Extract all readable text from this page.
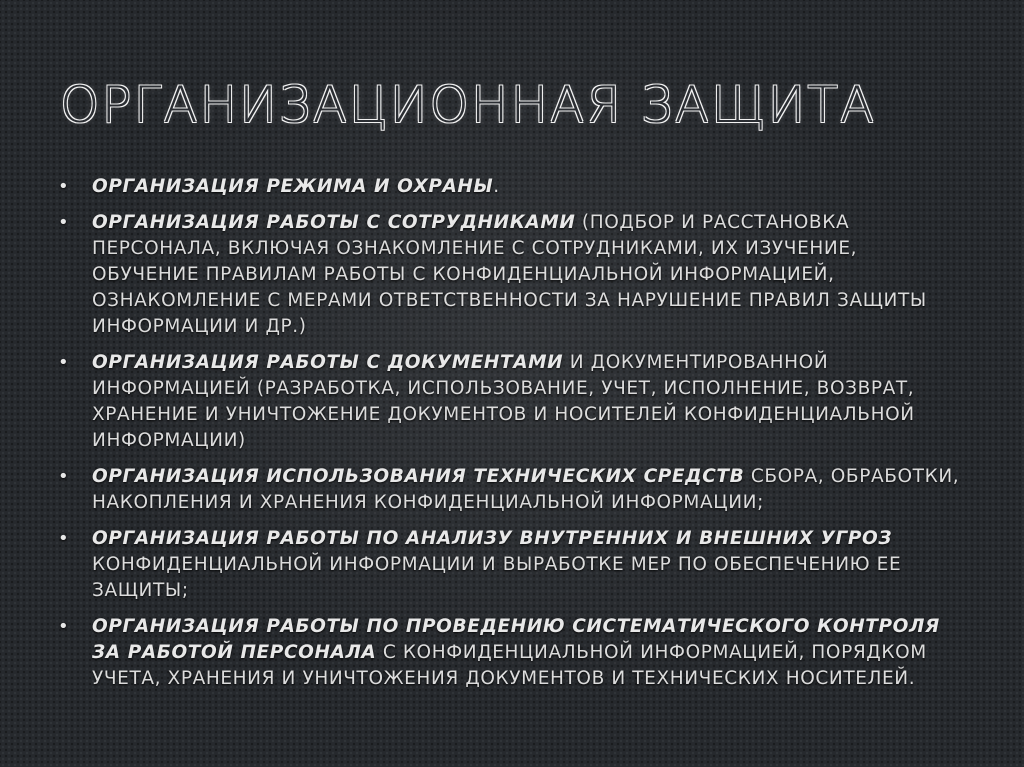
ОРГАНИЗАЦИОННАЯ ЗАЩИТА
• ОРГАНИЗАЦИЯ РЕЖИМА И ОХРАНЫ.
• ОРГАНИЗАЦИЯ РАБОТЫ С СОТРУДНИКАМИ (ПОДБОР И РАССТАНОВКА ПЕРСОНАЛА, ВКЛЮЧАЯ ОЗНАКОМЛЕНИЕ С СОТРУДНИКАМИ, ИХ ИЗУЧЕНИЕ, ОБУЧЕНИЕ ПРАВИЛАМ РАБОТЫ С КОНФИДЕНЦИАЛЬНОЙ ИНФОРМАЦИЕЙ, ОЗНАКОМЛЕНИЕ С МЕРАМИ ОТВЕТСТВЕННОСТИ ЗА НАРУШЕНИЕ ПРАВИЛ ЗАЩИТЫ ИНФОРМАЦИИ И ДР.)
• ОРГАНИЗАЦИЯ РАБОТЫ С ДОКУМЕНТАМИ И ДОКУМЕНТИРОВАННОЙ ИНФОРМАЦИЕЙ (РАЗРАБОТКА, ИСПОЛЬЗОВАНИЕ, УЧЕТ, ИСПОЛНЕНИЕ, ВОЗВРАТ, ХРАНЕНИЕ И УНИЧТОЖЕНИЕ ДОКУМЕНТОВ И НОСИТЕЛЕЙ КОНФИДЕНЦИАЛЬНОЙ ИНФОРМАЦИИ)
• ОРГАНИЗАЦИЯ ИСПОЛЬЗОВАНИЯ ТЕХНИЧЕСКИХ СРЕДСТВ СБОРА, ОБРАБОТКИ, НАКОПЛЕНИЯ И ХРАНЕНИЯ КОНФИДЕНЦИАЛЬНОЙ ИНФОРМАЦИИ;
• ОРГАНИЗАЦИЯ РАБОТЫ ПО АНАЛИЗУ ВНУТРЕННИХ И ВНЕШНИХ УГРОЗ КОНФИДЕНЦИАЛЬНОЙ ИНФОРМАЦИИ И ВЫРАБОТКЕ МЕР ПО ОБЕСПЕЧЕНИЮ ЕЕ ЗАЩИТЫ;
• ОРГАНИЗАЦИЯ РАБОТЫ ПО ПРОВЕДЕНИЮ СИСТЕМАТИЧЕСКОГО КОНТРОЛЯ ЗА РАБОТОЙ ПЕРСОНАЛА С КОНФИДЕНЦИАЛЬНОЙ ИНФОРМАЦИЕЙ, ПОРЯДКОМ УЧЕТА, ХРАНЕНИЯ И УНИЧТОЖЕНИЯ ДОКУМЕНТОВ И ТЕХНИЧЕСКИХ НОСИТЕЛЕЙ.
